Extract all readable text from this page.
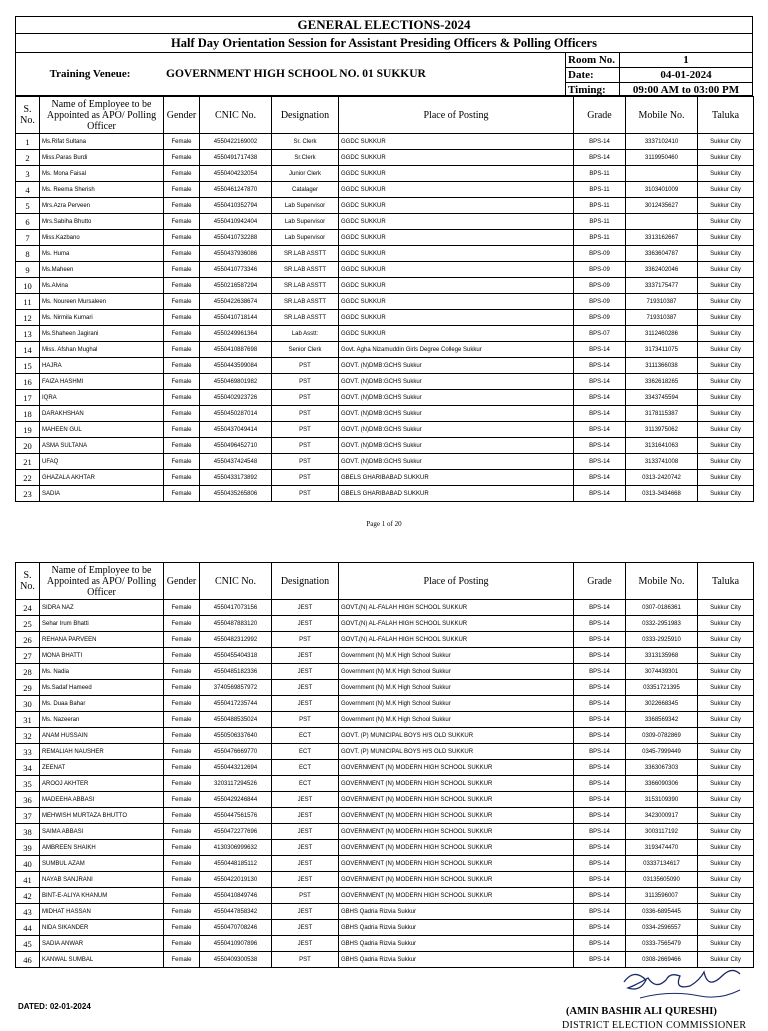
GENERAL ELECTIONS-2024
Half Day Orientation Session for Assistant Presiding Officers & Polling Officers
Training Veneue:	GOVERNMENT HIGH SCHOOL NO. 01 SUKKUR
Room No.	1
Date:	04-01-2024
Timing:	09:00 AM to 03:00 PM
S. No.	Name of Employee to be Appointed as APO/ Polling Officer	Gender	CNIC No.	Designation	Place of Posting	Grade	Mobile No.	Taluka
1	Ms.Rifat Sultana	Female	4550422169002	Sr. Clerk	GGDC SUKKUR	BPS-14	3337102410	Sukkur City
2	Miss.Paras Burdi	Female	4550491717438	Sr.Clerk	GGDC SUKKUR	BPS-14	3119950460	Sukkur City
3	Ms. Mona Faisal	Female	4550404232054	Junior Clerk	GGDC SUKKUR	BPS-11		Sukkur City
4	Ms. Reema Sherish	Female	4550461247870	Catalager	GGDC SUKKUR	BPS-11	3103401009	Sukkur City
5	Mrs.Azra Perveen	Female	4550410352794	Lab Supervisor	GGDC SUKKUR	BPS-11	3012435627	Sukkur City
6	Mrs.Sabiha Bhutto	Female	4550410942404	Lab Supervisor	GGDC SUKKUR	BPS-11		Sukkur City
7	Miss.Kazbano	Female	4550410732288	Lab Supervisor	GGDC SUKKUR	BPS-11	3313162667	Sukkur City
8	Ms. Huma	Female	4550437936086	SR.LAB ASSTT	GGDC SUKKUR	BPS-09	3363604787	Sukkur City
9	Ms.Maheen	Female	4550410773346	SR.LAB ASSTT	GGDC SUKKUR	BPS-09	3362402046	Sukkur City
10	Ms.Alvina	Female	4550216587294	SR.LAB ASSTT	GGDC SUKKUR	BPS-09	3337175477	Sukkur City
11	Ms. Noureen Mursaleen	Female	4550422638674	SR.LAB ASSTT	GGDC SUKKUR	BPS-09	719310387	Sukkur City
12	Ms. Nirmila Kumari	Female	4550410718144	SR.LAB ASSTT	GGDC SUKKUR	BPS-09	719310387	Sukkur City
13	Ms.Shaheen Jagirani	Female	4550249961364	Lab Asstt:	GGDC SUKKUR	BPS-07	3112460286	Sukkur City
14	Miss. Afshan Mughal	Female	4550410887698	Senior Clerk	Govt. Agha Nizamuddin Girls Degree College Sukkur	BPS-14	3173411075	Sukkur City
15	HAJRA	Female	4550443599084	PST	GOVT. (N)DMB:GCHS Sukkur	BPS-14	3111366038	Sukkur City
16	FAIZA HASHMI	Female	4550469801982	PST	GOVT. (N)DMB:GCHS Sukkur	BPS-14	3362618265	Sukkur City
17	IQRA	Female	4550402923726	PST	GOVT. (N)DMB:GCHS Sukkur	BPS-14	3343745594	Sukkur City
18	DARAKHSHAN	Female	4550450287014	PST	GOVT. (N)DMB:GCHS Sukkur	BPS-14	3178115387	Sukkur City
19	MAHEEN GUL	Female	4550437049414	PST	GOVT. (N)DMB:GCHS Sukkur	BPS-14	3113975062	Sukkur City
20	ASMA SULTANA	Female	4550496452710	PST	GOVT. (N)DMB:GCHS Sukkur	BPS-14	3131641063	Sukkur City
21	UFAQ	Female	4550437424548	PST	GOVT. (N)DMB:GCHS Sukkur	BPS-14	3133741008	Sukkur City
22	GHAZALA AKHTAR	Female	4550433173892	PST	GBELS GHARIBABAD SUKKUR	BPS-14	0313-2420742	Sukkur City
23	SADIA	Female	4550435265806	PST	GBELS GHARIBABAD SUKKUR	BPS-14	0313-3434668	Sukkur City
Page 1 of 20
S. No.	Name of Employee to be Appointed as APO/ Polling Officer	Gender	CNIC No.	Designation	Place of Posting	Grade	Mobile No.	Taluka
24	SIDRA NAZ	Female	4550417073156	JEST	GOVT.(N) AL-FALAH HIGH SCHOOL SUKKUR	BPS-14	0307-0186361	Sukkur City
25	Sehar Irum Bhatti	Female	4550487883120	JEST	GOVT.(N) AL-FALAH HIGH SCHOOL SUKKUR	BPS-14	0332-2951983	Sukkur City
26	REHANA PARVEEN	Female	4550482312992	PST	GOVT.(N) AL-FALAH HIGH SCHOOL SUKKUR	BPS-14	0333-2925910	Sukkur City
27	MONA BHATTI	Female	4550455404318	JEST	Government (N) M.K High School Sukkur	BPS-14	3313135968	Sukkur City
28	Ms. Nadia	Female	4550485182336	JEST	Government (N) M.K High School Sukkur	BPS-14	3074439301	Sukkur City
29	Ms.Sadaf Hameed	Female	3740569857972	JEST	Government (N) M.K High School Sukkur	BPS-14	03351721395	Sukkur City
30	Ms. Duaa Bahar	Female	4550417235744	JEST	Government (N) M.K High School Sukkur	BPS-14	3022668345	Sukkur City
31	Ms. Nazeeran	Female	4550488535024	PST	Government (N) M.K High School Sukkur	BPS-14	3368569342	Sukkur City
32	ANAM HUSSAIN	Female	4550506337640	ECT	GOVT. (P) MUNICIPAL BOYS H/S OLD SUKKUR	BPS-14	0309-0782869	Sukkur City
33	REMALIAH NAUSHER	Female	4550476669770	ECT	GOVT. (P) MUNICIPAL BOYS H/S OLD SUKKUR	BPS-14	0345-7999449	Sukkur City
34	ZEENAT	Female	4550443212694	ECT	GOVERNMENT (N) MODERN HIGH SCHOOL SUKKUR	BPS-14	3363067303	Sukkur City
35	AROOJ AKHTER	Female	3203117294526	ECT	GOVERNMENT (N) MODERN HIGH SCHOOL SUKKUR	BPS-14	3366090306	Sukkur City
36	MADEEHA ABBASI	Female	4550429246844	JEST	GOVERNMENT (N) MODERN HIGH SCHOOL SUKKUR	BPS-14	3153109390	Sukkur City
37	MEHWISH MURTAZA BHUTTO	Female	4550447561576	JEST	GOVERNMENT (N) MODERN HIGH SCHOOL SUKKUR	BPS-14	3423000917	Sukkur City
38	SAIMA ABBASI	Female	4550472277696	JEST	GOVERNMENT (N) MODERN HIGH SCHOOL SUKKUR	BPS-14	3003117192	Sukkur City
39	AMBREEN SHAIKH	Female	4130306999632	JEST	GOVERNMENT (N) MODERN HIGH SCHOOL SUKKUR	BPS-14	3193474470	Sukkur City
40	SUMBUL AZAM	Female	4550448185112	JEST	GOVERNMENT (N) MODERN HIGH SCHOOL SUKKUR	BPS-14	03337134617	Sukkur City
41	NAYAB SANJRANI	Female	4550422019130	JEST	GOVERNMENT (N) MODERN HIGH SCHOOL SUKKUR	BPS-14	03135605090	Sukkur City
42	BINT-E-ALIYA KHANUM	Female	4550410849746	PST	GOVERNMENT (N) MODERN HIGH SCHOOL SUKKUR	BPS-14	3113596007	Sukkur City
43	MIDHAT HASSAN	Female	4550447858342	JEST	GBHS Qadria Rizvia Sukkur	BPS-14	0336-6895445	Sukkur City
44	NIDA SIKANDER	Female	4550470708246	JEST	GBHS Qadria Rizvia Sukkur	BPS-14	0334-2596557	Sukkur City
45	SADIA ANWAR	Female	4550410907896	JEST	GBHS Qadria Rizvia Sukkur	BPS-14	0333-7565479	Sukkur City
46	KANWAL SUMBAL	Female	4550409300538	PST	GBHS Qadria Rizvia Sukkur	BPS-14	0308-2669466	Sukkur City
DATED: 02-01-2024	(AMIN BASHIR ALI QURESHI)
DISTRICT ELECTION COMMISSIONER
